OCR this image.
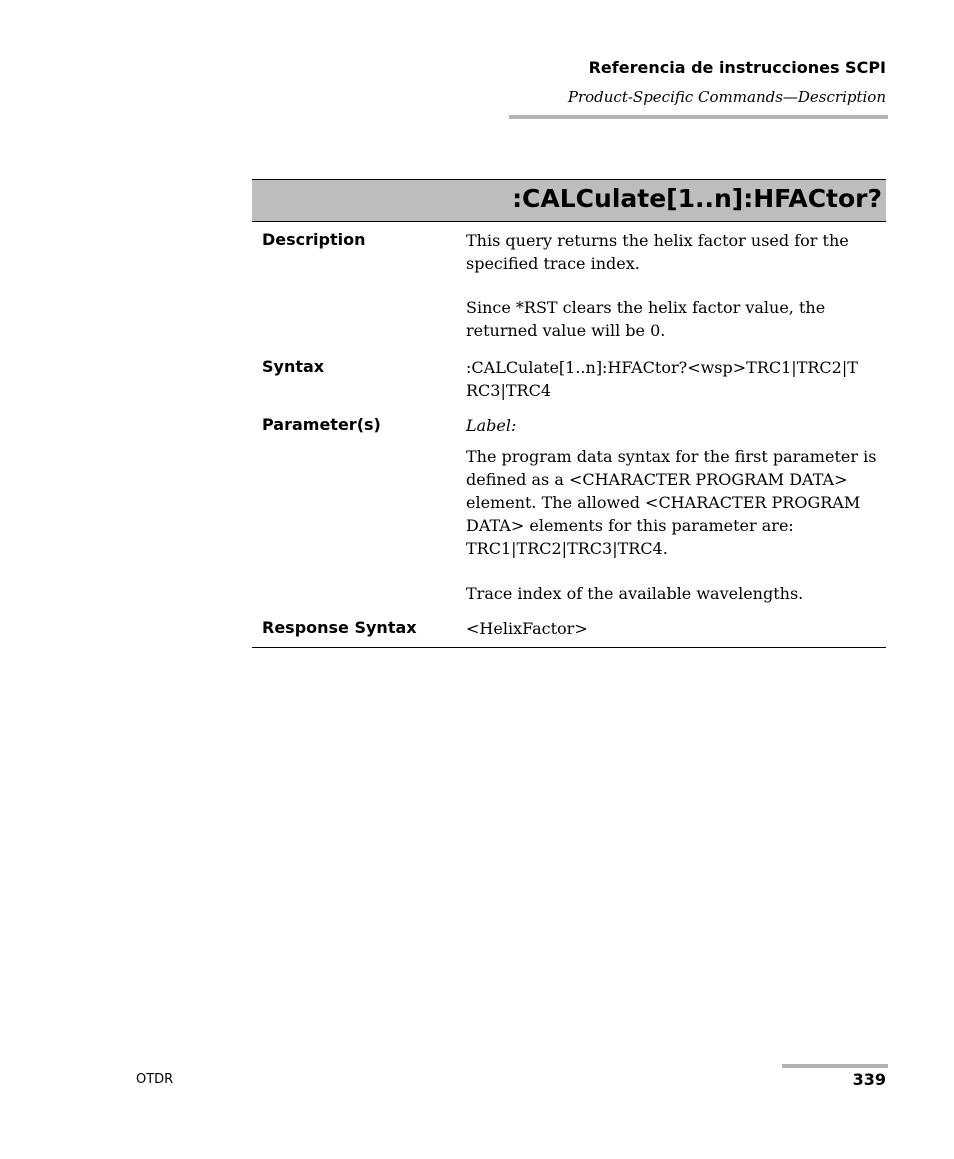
Referencia de instrucciones SCPI
Product-Specific Commands—Description
:CALCulate[1..n]:HFACtor?
Description	This query returns the helix factor used for the
specified trace index.
Since *RST clears the helix factor value, the
returned value will be 0.
Syntax	:CALCulate[1..n]:HFACtor?<wsp>TRC1|TRC2|T
RC3|TRC4
Parameter(s)	Label:
The program data syntax for the first parameter is
defined as a <CHARACTER PROGRAM DATA>
element. The allowed <CHARACTER PROGRAM
DATA> elements for this parameter are:
TRC1|TRC2|TRC3|TRC4.
Trace index of the available wavelengths.
Response Syntax	<HelixFactor>
OTDR	339
